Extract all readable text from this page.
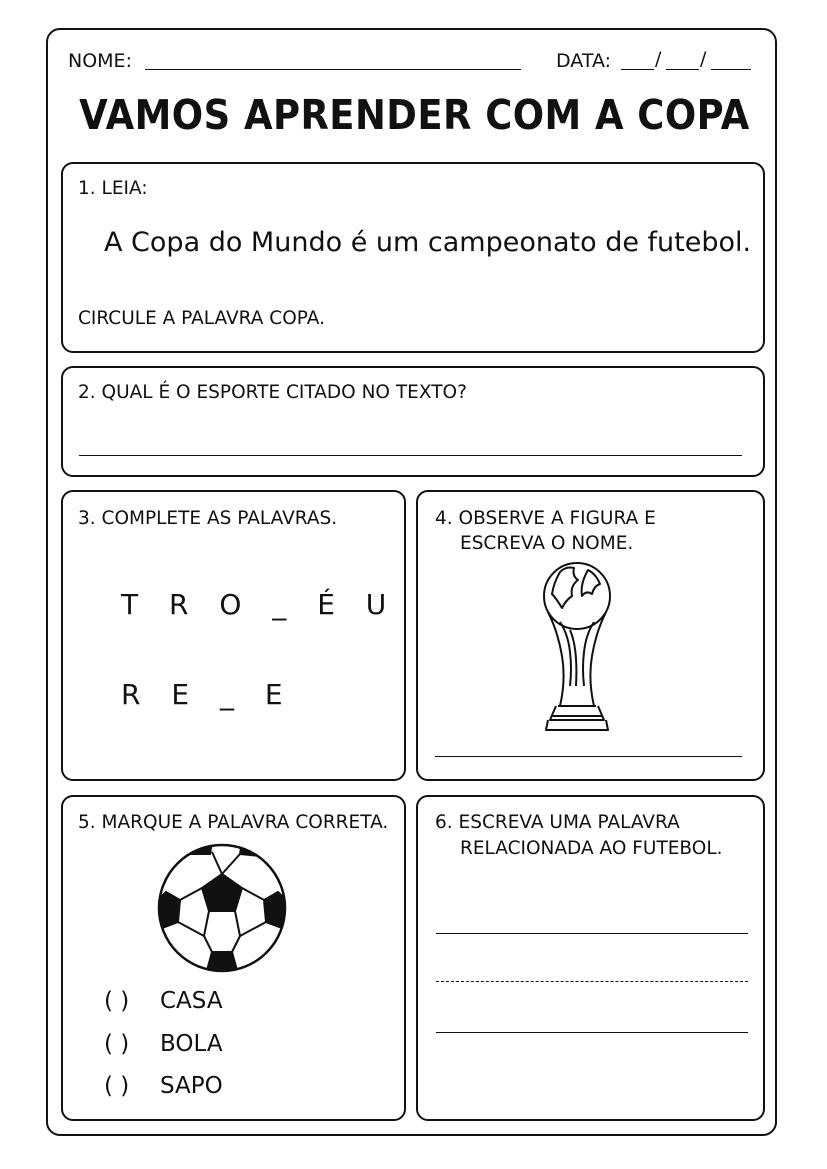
NOME:	DATA: / /
VAMOS APRENDER COM A COPA
1. LEIA:
A Copa do Mundo é um campeonato de futebol.
CIRCULE A PALAVRA COPA.
2. QUAL É O ESPORTE CITADO NO TEXTO?
3. COMPLETE AS PALAVRAS.
T R O _ É U
R E _ E
4. OBSERVE A FIGURA E
ESCREVA O NOME.
5. MARQUE A PALAVRA CORRETA.
( ) CASA
( ) BOLA
( ) SAPO
6. ESCREVA UMA PALAVRA
RELACIONADA AO FUTEBOL.
